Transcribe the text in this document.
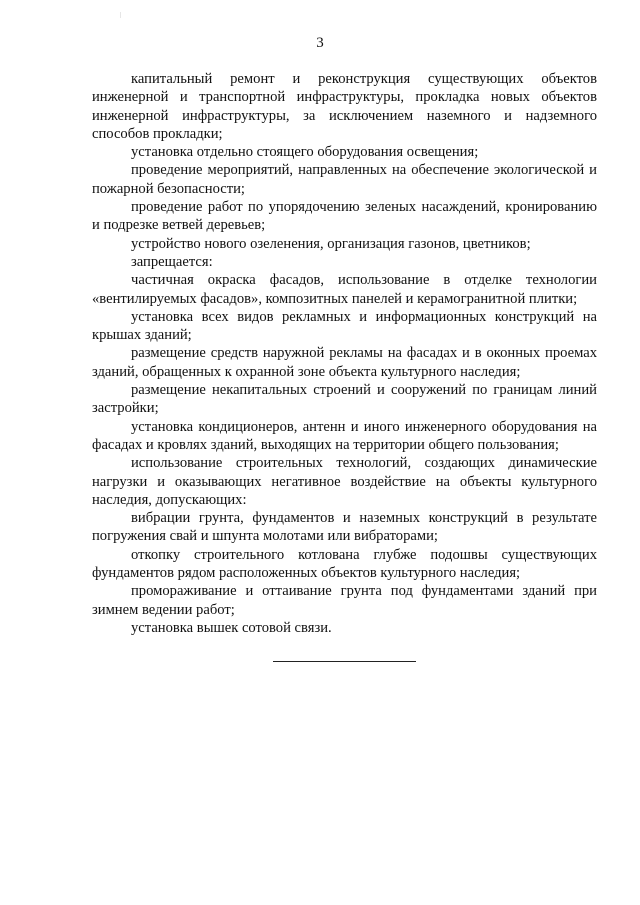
3

капитальный ремонт и реконструкция существующих объектов инженерной и транспортной инфраструктуры, прокладка новых объектов инженерной инфраструктуры, за исключением наземного и надземного способов прокладки;

установка отдельно стоящего оборудования освещения;

проведение мероприятий, направленных на обеспечение экологической и пожарной безопасности;

проведение работ по упорядочению зеленых насаждений, кронированию и подрезке ветвей деревьев;

устройство нового озеленения, организация газонов, цветников;

запрещается:

частичная окраска фасадов, использование в отделке технологии «вентилируемых фасадов», композитных панелей и керамогранитной плитки;

установка всех видов рекламных и информационных конструкций на крышах зданий;

размещение средств наружной рекламы на фасадах и в оконных проемах зданий, обращенных к охранной зоне объекта культурного наследия;

размещение некапитальных строений и сооружений по границам линий застройки;

установка кондиционеров, антенн и иного инженерного оборудования на фасадах и кровлях зданий, выходящих на территории общего пользования;

использование строительных технологий, создающих динамические нагрузки и оказывающих негативное воздействие на объекты культурного наследия, допускающих:

вибрации грунта, фундаментов и наземных конструкций в результате погружения свай и шпунта молотами или вибраторами;

откопку строительного котлована глубже подошвы существующих фундаментов рядом расположенных объектов культурного наследия;

промораживание и оттаивание грунта под фундаментами зданий при зимнем ведении работ;

установка вышек сотовой связи.
